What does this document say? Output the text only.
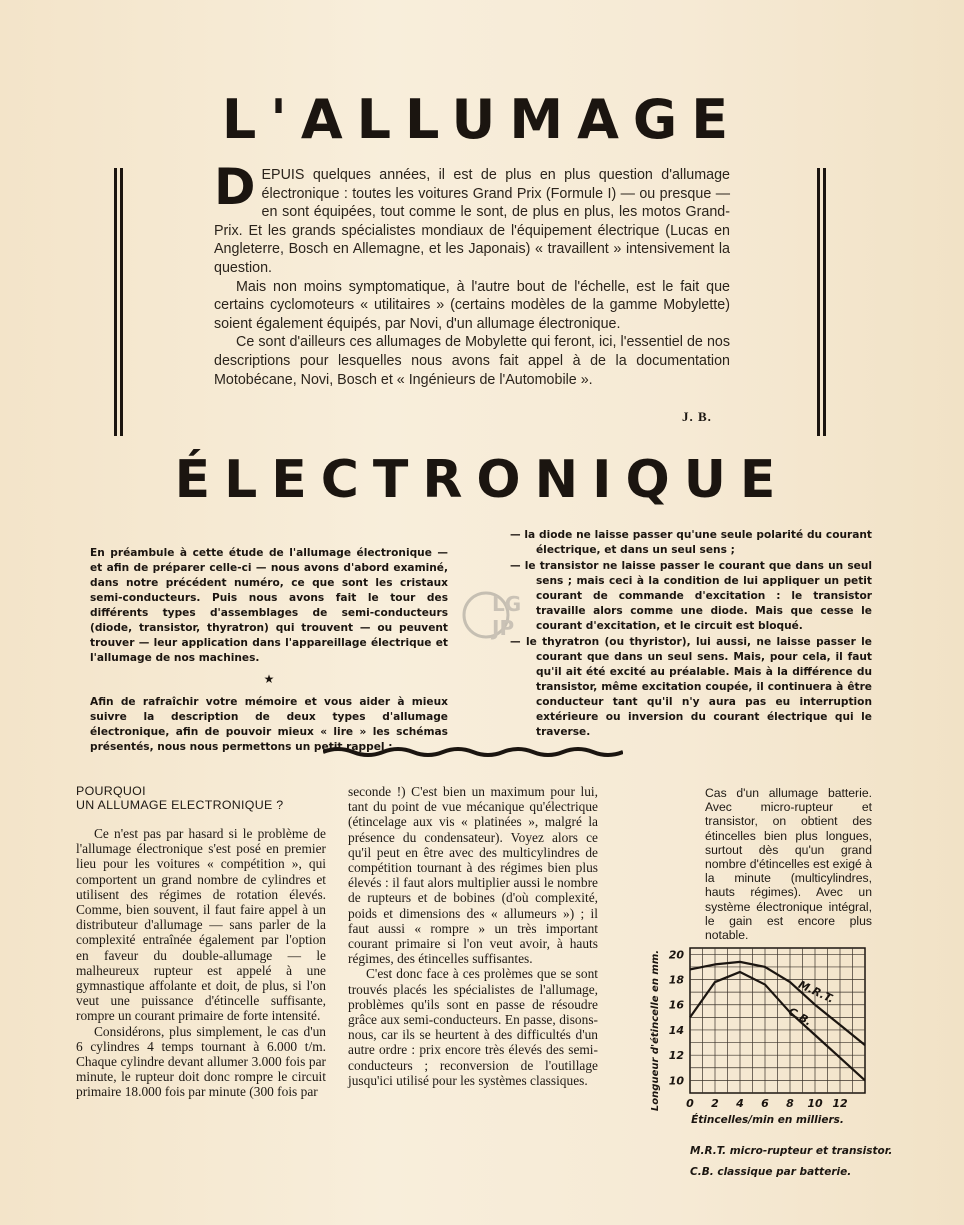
L'ALLUMAGE

DEPUIS quelques années, il est de plus en plus question d'allumage électronique : toutes les voitures Grand Prix (Formule I) — ou presque — en sont équipées, tout comme le sont, de plus en plus, les motos Grand-Prix. Et les grands spécialistes mondiaux de l'équipement électrique (Lucas en Angleterre, Bosch en Allemagne, et les Japonais) « travaillent » intensivement la question.

Mais non moins symptomatique, à l'autre bout de l'échelle, est le fait que certains cyclomoteurs « utilitaires » (certains modèles de la gamme Mobylette) soient également équipés, par Novi, d'un allumage électronique.

Ce sont d'ailleurs ces allumages de Mobylette qui feront, ici, l'essentiel de nos descriptions pour lesquelles nous avons fait appel à de la documentation Motobécane, Novi, Bosch et « Ingénieurs de l'Automobile ».

J. B.
ÉLECTRONIQUE

En préambule à cette étude de l'allumage électronique — et afin de préparer celle-ci — nous avons d'abord examiné, dans notre précédent numéro, ce que sont les cristaux semi-conducteurs. Puis nous avons fait le tour des différents types d'assemblages de semi-conducteurs (diode, transistor, thyratron) qui trouvent — ou peuvent trouver — leur application dans l'appareillage électrique et l'allumage de nos machines.

★

Afin de rafraîchir votre mémoire et vous aider à mieux suivre la description de deux types d'allumage électronique, afin de pouvoir mieux « lire » les schémas présentés, nous nous permettons un petit rappel :

— la diode ne laisse passer qu'une seule polarité du courant électrique, et dans un seul sens ;

— le transistor ne laisse passer le courant que dans un seul sens ; mais ceci à la condition de lui appliquer un petit courant de commande d'excitation : le transistor travaille alors comme une diode. Mais que cesse le courant d'excitation, et le circuit est bloqué.

— le thyratron (ou thyristor), lui aussi, ne laisse passer le courant que dans un seul sens. Mais, pour cela, il faut qu'il ait été excité au préalable. Mais à la différence du transistor, même excitation coupée, il continuera à être conducteur tant qu'il n'y aura pas eu interruption extérieure ou inversion du courant électrique qui le traverse.

LG
JP

POURQUOI
UN ALLUMAGE ELECTRONIQUE ?

Ce n'est pas par hasard si le problème de l'allumage électronique s'est posé en premier lieu pour les voitures « compétition », qui comportent un grand nombre de cylindres et utilisent des régimes de rotation élevés. Comme, bien souvent, il faut faire appel à un distributeur d'allumage — sans parler de la complexité entraînée également par l'option en faveur du double-allumage — le malheureux rupteur est appelé à une gymnastique affolante et doit, de plus, si l'on veut une puissance d'étincelle suffisante, rompre un courant primaire de forte intensité.

Considérons, plus simplement, le cas d'un 6 cylindres 4 temps tournant à 6.000 t/m. Chaque cylindre devant allumer 3.000 fois par minute, le rupteur doit donc rompre le circuit primaire 18.000 fois par minute (300 fois par

seconde !) C'est bien un maximum pour lui, tant du point de vue mécanique qu'électrique (étincelage aux vis « platinées », malgré la présence du condensateur). Voyez alors ce qu'il peut en être avec des multicylindres de compétition tournant à des régimes bien plus élevés : il faut alors multiplier aussi le nombre de rupteurs et de bobines (d'où complexité, poids et dimensions des « allumeurs ») ; il faut aussi « rompre » un très important courant primaire si l'on veut avoir, à hauts régimes, des étincelles suffisantes.

C'est donc face à ces prolèmes que se sont trouvés placés les spécialistes de l'allumage, problèmes qu'ils sont en passe de résoudre grâce aux semi-conducteurs. En passe, disons-nous, car ils se heurtent à des difficultés d'un autre ordre : prix encore très élevés des semi-conducteurs ; reconversion de l'outillage jusqu'ici utilisé pour les systèmes classiques.

Cas d'un allumage batterie. Avec micro-rupteur et transistor, on obtient des étincelles bien plus longues, surtout dès qu'un grand nombre d'étincelles est exigé à la minute (multicylindres, hauts régimes). Avec un système électronique intégral, le gain est encore plus notable.
0 2 4 6 8 10 12
10
12
14
16
18
20
Étincelles/min en milliers.
Longueur d'étincelle en mm.	M.R.T.
C.B.
M.R.T. micro-rupteur et transistor.
C.B. classique par batterie.
